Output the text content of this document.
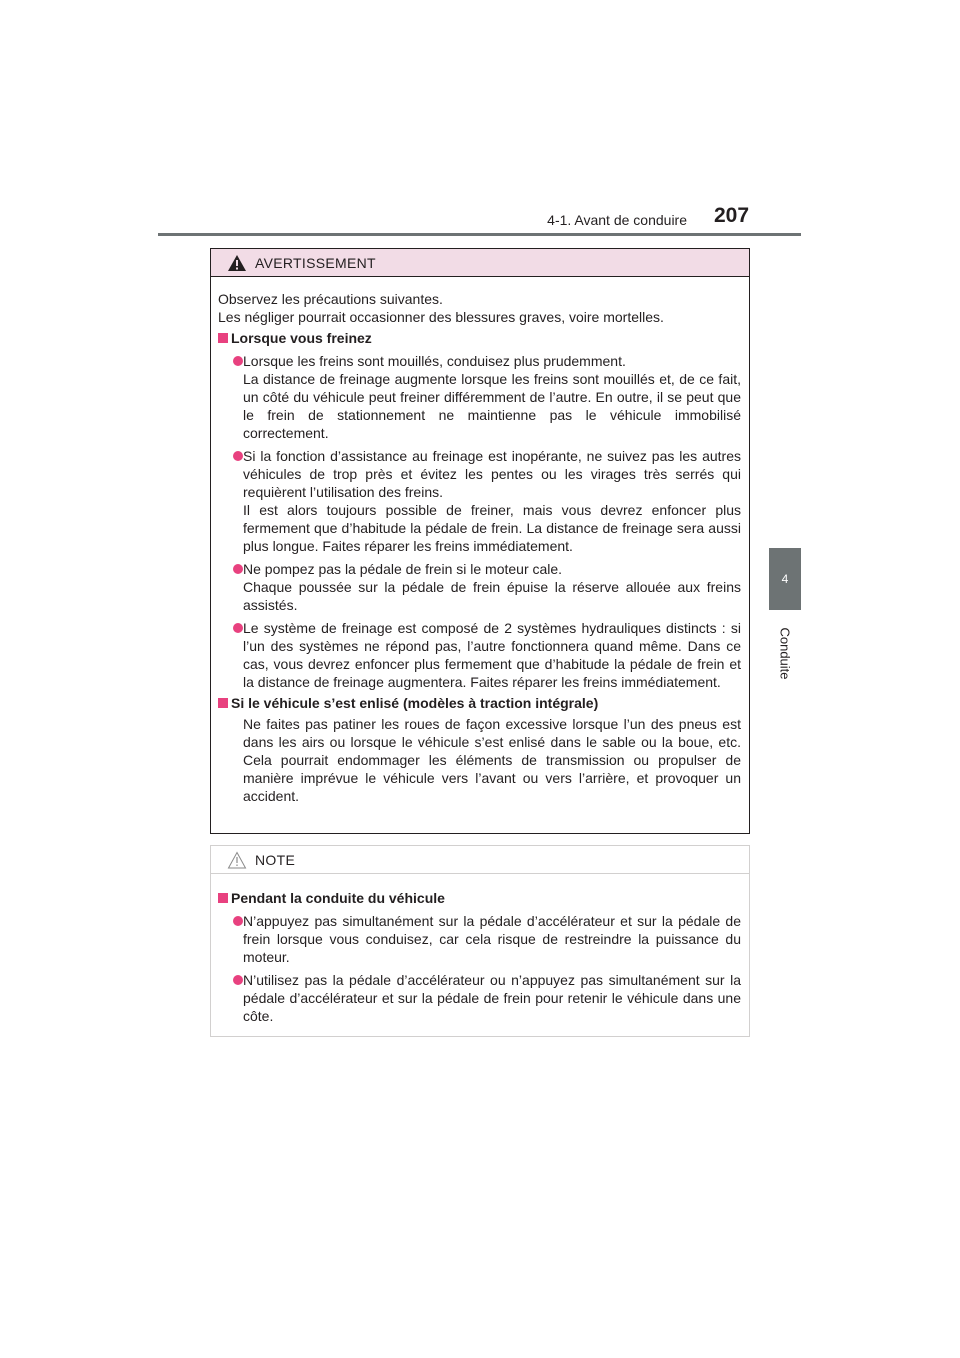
4-1. Avant de conduire 207
4
Conduite
AVERTISSEMENT
Observez les précautions suivantes.
Les négliger pourrait occasionner des blessures graves, voire mortelles.
Lorsque vous freinez
Lorsque les freins sont mouillés, conduisez plus prudemment.
La distance de freinage augmente lorsque les freins sont mouillés et, de ce fait, un côté du véhicule peut freiner différemment de l’autre. En outre, il se peut que le frein de stationnement ne maintienne pas le véhicule immobilisé correctement.
Si la fonction d’assistance au freinage est inopérante, ne suivez pas les autres véhicules de trop près et évitez les pentes ou les virages très serrés qui requièrent l’utilisation des freins.
Il est alors toujours possible de freiner, mais vous devrez enfoncer plus fermement que d’habitude la pédale de frein. La distance de freinage sera aussi plus longue. Faites réparer les freins immédiatement.
Ne pompez pas la pédale de frein si le moteur cale.
Chaque poussée sur la pédale de frein épuise la réserve allouée aux freins assistés.
Le système de freinage est composé de 2 systèmes hydrauliques distincts : si l’un des systèmes ne répond pas, l’autre fonctionnera quand même. Dans ce cas, vous devrez enfoncer plus fermement que d’habitude la pédale de frein et la distance de freinage augmentera. Faites réparer les freins immédiatement.
Si le véhicule s’est enlisé (modèles à traction intégrale)
Ne faites pas patiner les roues de façon excessive lorsque l’un des pneus est dans les airs ou lorsque le véhicule s’est enlisé dans le sable ou la boue, etc. Cela pourrait endommager les éléments de transmission ou propulser de manière imprévue le véhicule vers l’avant ou vers l’arrière, et provoquer un accident.
NOTE
Pendant la conduite du véhicule
N’appuyez pas simultanément sur la pédale d’accélérateur et sur la pédale de frein lorsque vous conduisez, car cela risque de restreindre la puissance du moteur.
N’utilisez pas la pédale d’accélérateur ou n’appuyez pas simultanément sur la pédale d’accélérateur et sur la pédale de frein pour retenir le véhicule dans une côte.
